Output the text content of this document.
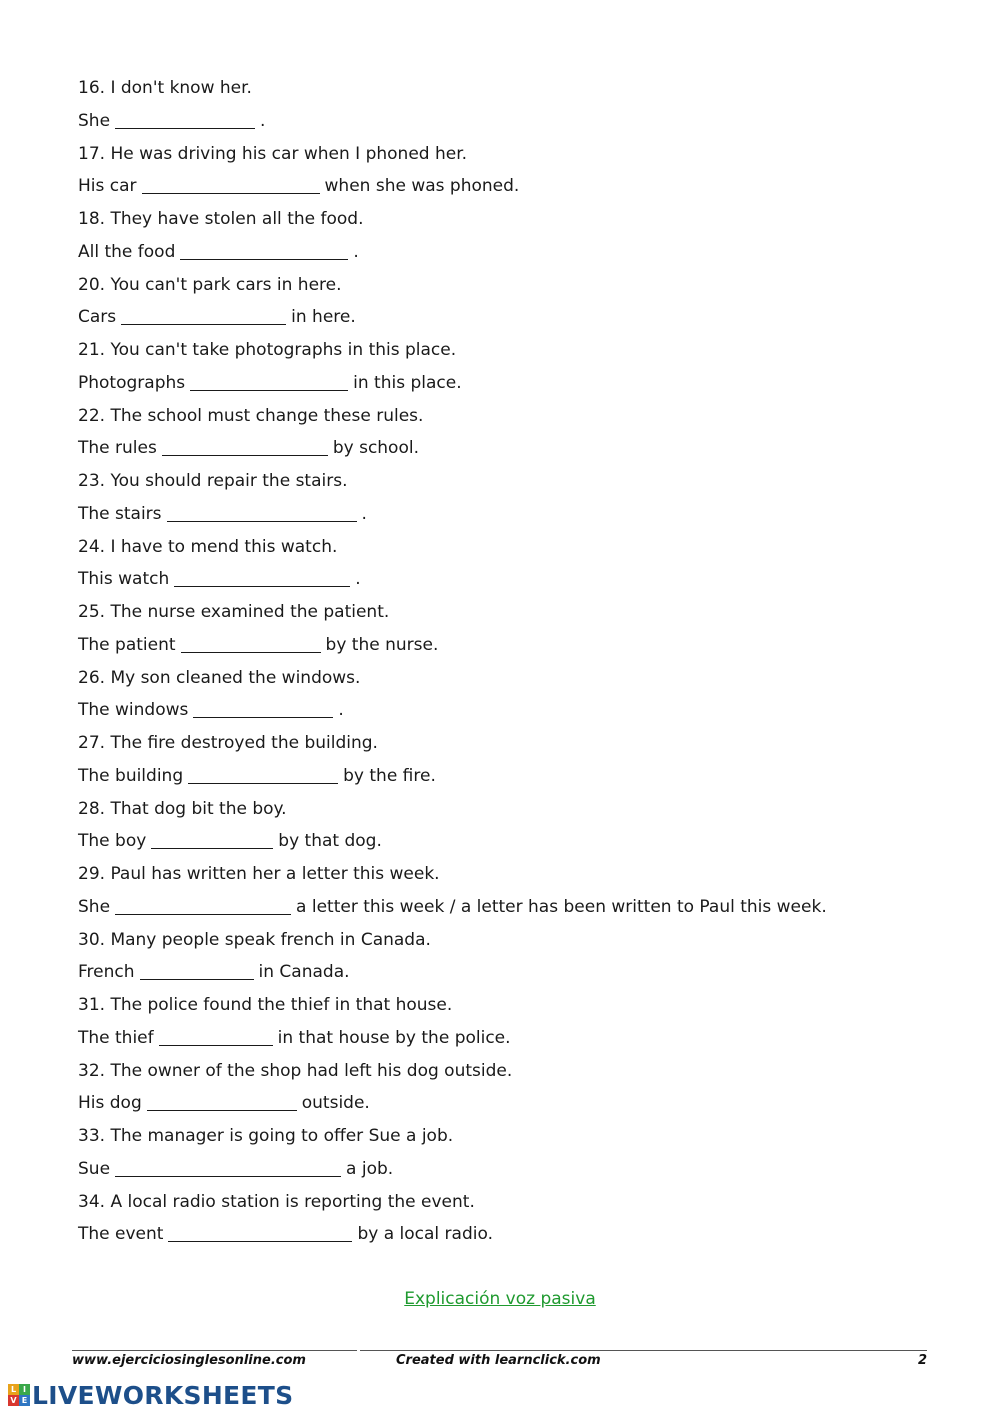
16. I don't know her.
She	.
17. He was driving his car when I phoned her.
His car	when she was phoned.
18. They have stolen all the food.
All the food	.
20. You can't park cars in here.
Cars	in here.
21. You can't take photographs in this place.
Photographs	in this place.
22. The school must change these rules.
The rules	by school.
23. You should repair the stairs.
The stairs	.
24. I have to mend this watch.
This watch	.
25. The nurse examined the patient.
The patient	by the nurse.
26. My son cleaned the windows.
The windows	.
27. The fire destroyed the building.
The building	by the fire.
28. That dog bit the boy.
The boy	by that dog.
29. Paul has written her a letter this week.
She	a letter this week / a letter has been written to Paul this week.
30. Many people speak french in Canada.
French	in Canada.
31. The police found the thief in that house.
The thief	in that house by the police.
32. The owner of the shop had left his dog outside.
His dog	outside.
33. The manager is going to offer Sue a job.
Sue	a job.
34. A local radio station is reporting the event.
The event	by a local radio.
Explicación voz pasiva
www.ejerciciosinglesonline.com	Created with learnclick.com	2
L I
V E LIVEWORKSHEETS
